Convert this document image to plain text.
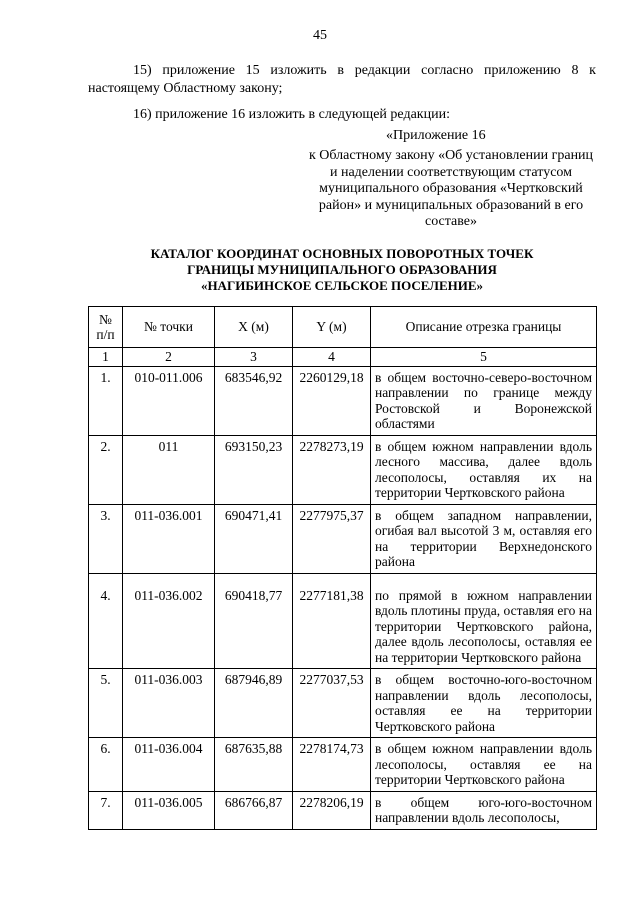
45
15) приложение 15 изложить в редакции согласно приложению 8 к настоящему Областному закону;
16) приложение 16 изложить в следующей редакции:
«Приложение 16
к Областному закону «Об установлении границ и наделении соответствующим статусом муниципального образования «Чертковский район» и муниципальных образований в его составе»
КАТАЛОГ КООРДИНАТ ОСНОВНЫХ ПОВОРОТНЫХ ТОЧЕК
ГРАНИЦЫ МУНИЦИПАЛЬНОГО ОБРАЗОВАНИЯ
«НАГИБИНСКОЕ СЕЛЬСКОЕ ПОСЕЛЕНИЕ»
№ п/п	№ точки	X (м)	Y (м)	Описание отрезка границы
1	2	3	4	5
1.	010-011.006	683546,92	2260129,18	в общем восточно-северо-восточном направлении по границе между Ростовской и Воронежской областями
2.	011	693150,23	2278273,19	в общем южном направлении вдоль лесного массива, далее вдоль лесополосы, оставляя их на территории Чертковского района
3.	011-036.001	690471,41	2277975,37	в общем западном направлении, огибая вал высотой 3 м, оставляя его на территории Верхнедонского района
4.	011-036.002	690418,77	2277181,38	по прямой в южном направлении вдоль плотины пруда, оставляя его на территории Чертковского района, далее вдоль лесополосы, оставляя ее на территории Чертковского района
5.	011-036.003	687946,89	2277037,53	в общем восточно-юго-восточном направлении вдоль лесополосы, оставляя ее на территории Чертковского района
6.	011-036.004	687635,88	2278174,73	в общем южном направлении вдоль лесополосы, оставляя ее на территории Чертковского района
7.	011-036.005	686766,87	2278206,19	в общем юго-юго-восточном направлении вдоль лесополосы,
